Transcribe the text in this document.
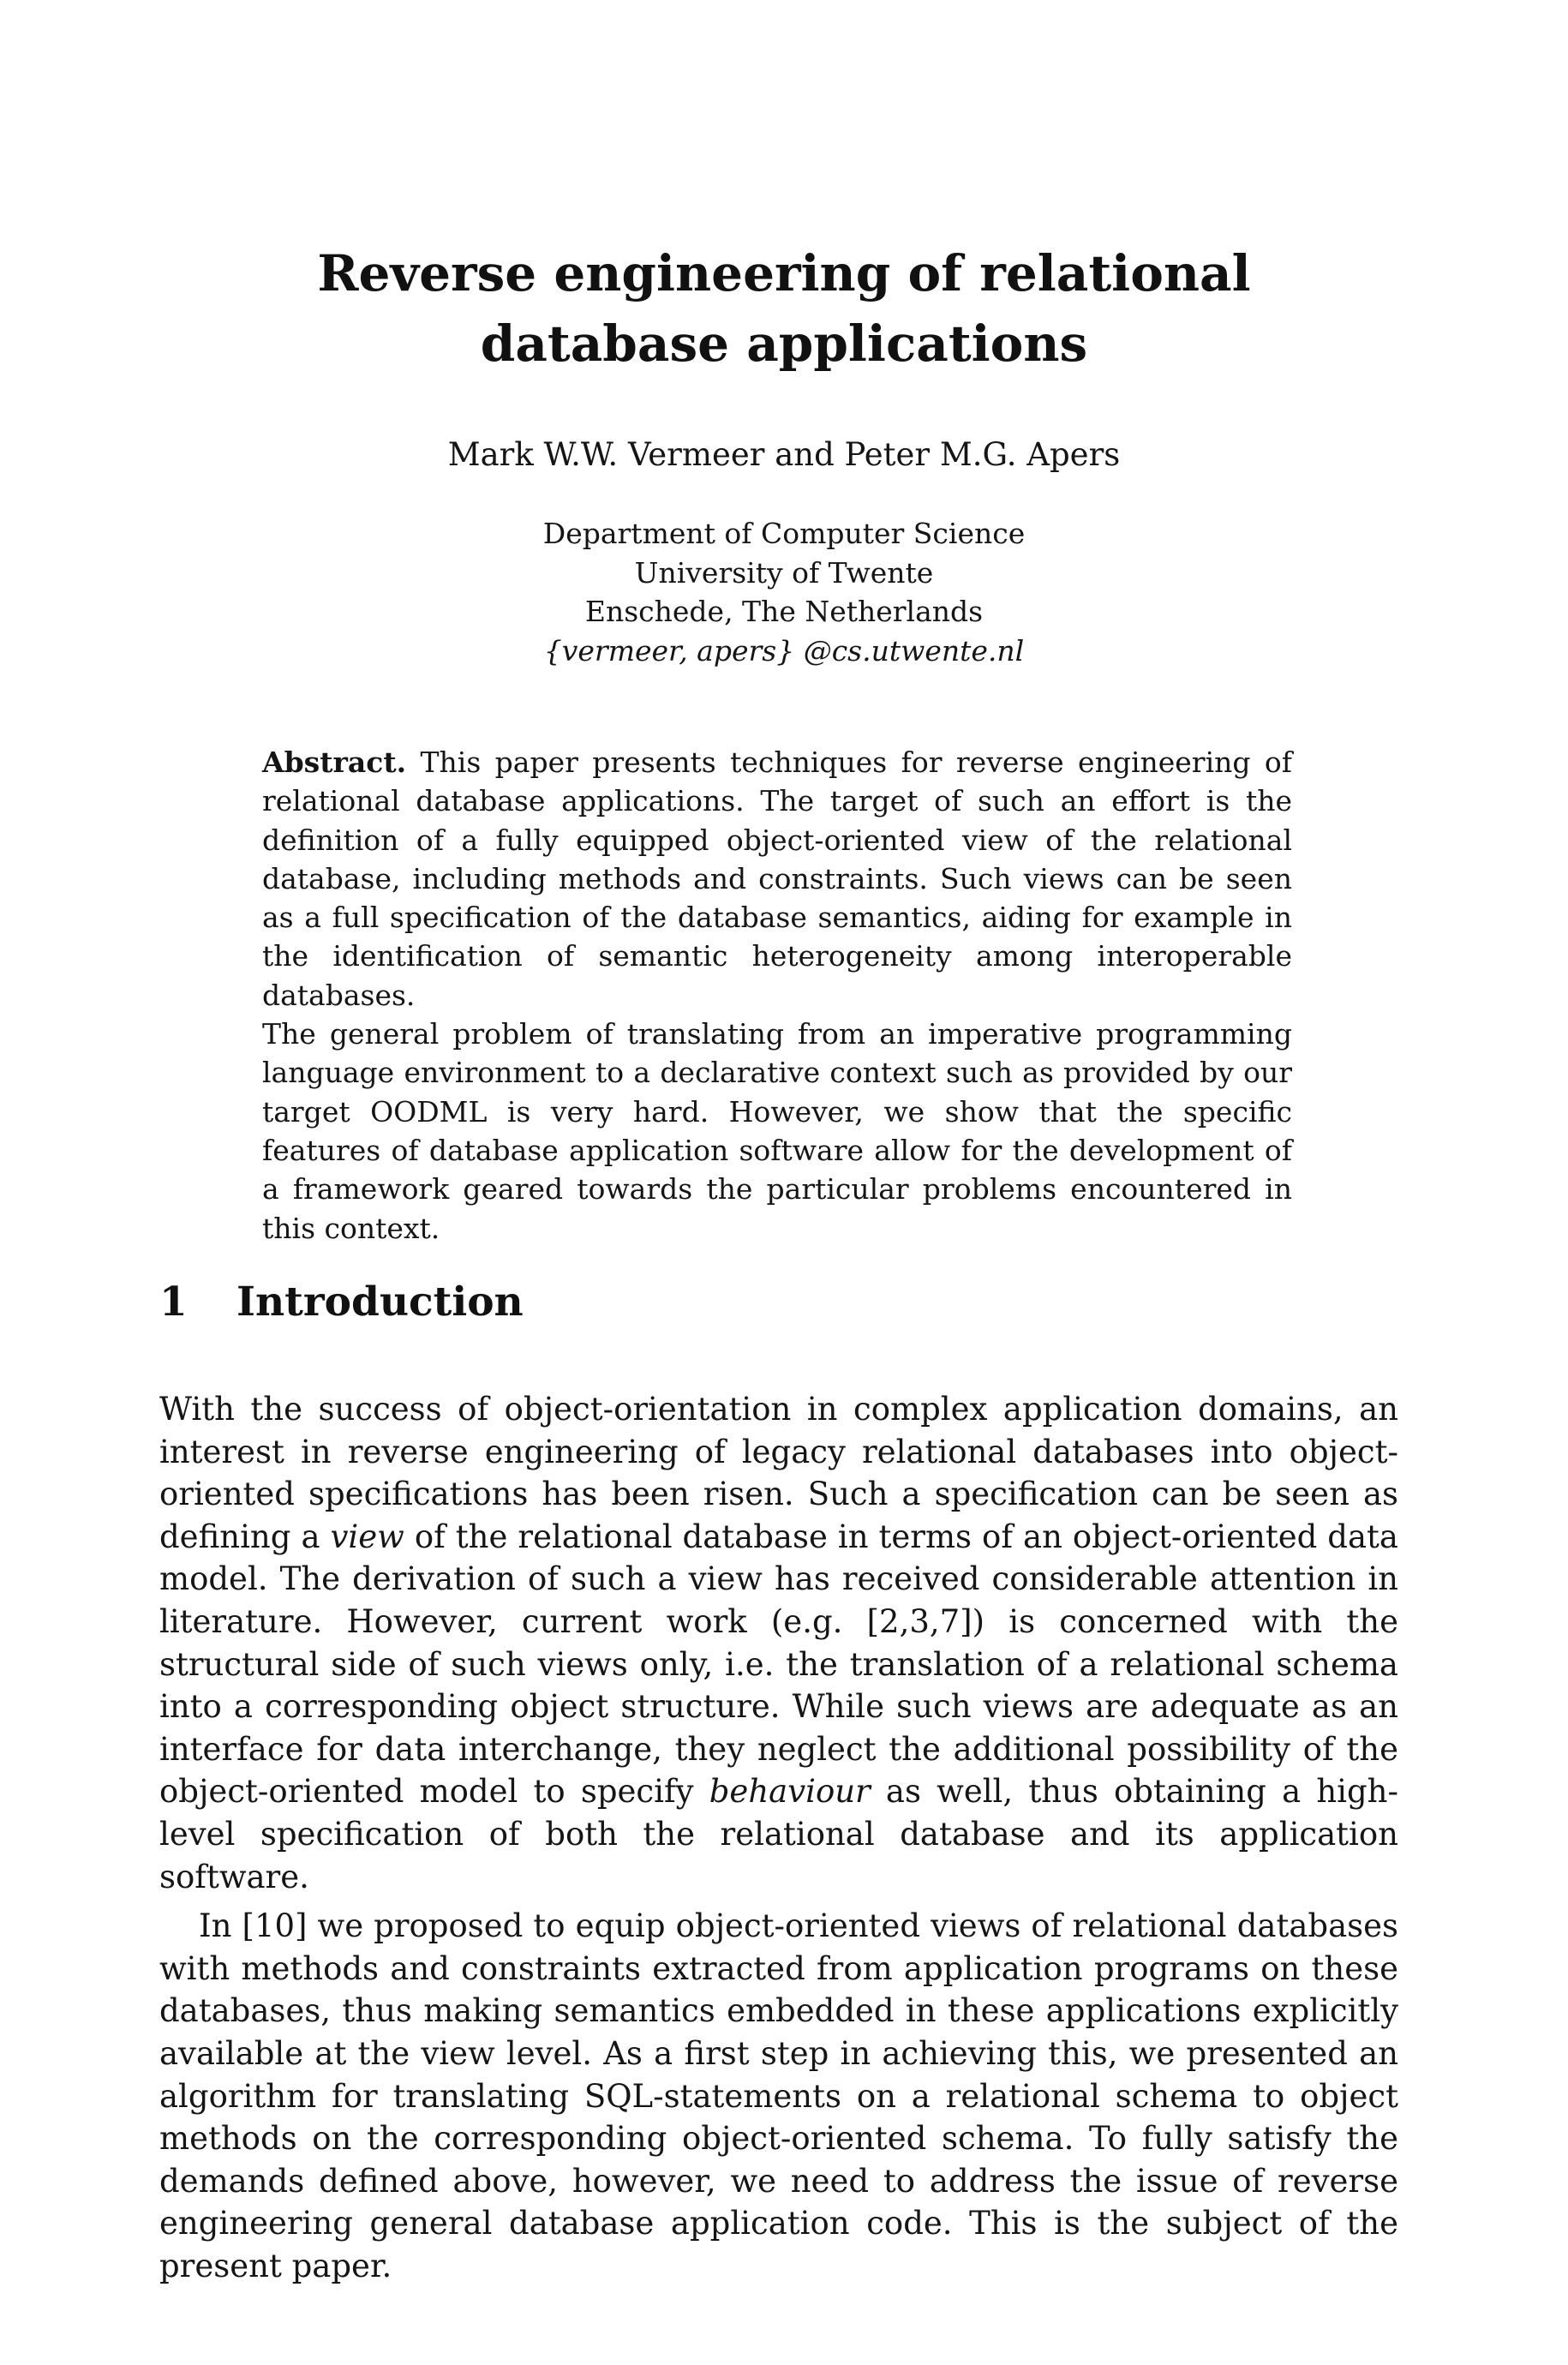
Reverse engineering of relational database applications
Mark W.W. Vermeer and Peter M.G. Apers
Department of Computer Science
University of Twente
Enschede, The Netherlands
{vermeer, apers} @cs.utwente.nl

Abstract. This paper presents techniques for reverse engineering of relational database applications. The target of such an effort is the definition of a fully equipped object-oriented view of the relational database, including methods and constraints. Such views can be seen as a full specification of the database semantics, aiding for example in the identification of semantic heterogeneity among interoperable databases.

The general problem of translating from an imperative programming language environment to a declarative context such as provided by our target OODML is very hard. However, we show that the specific features of database application software allow for the development of a framework geared towards the particular problems encountered in this context.

1 Introduction

With the success of object-orientation in complex application domains, an interest in reverse engineering of legacy relational databases into object-oriented specifications has been risen. Such a specification can be seen as defining a view of the relational database in terms of an object-oriented data model. The derivation of such a view has received considerable attention in literature. However, current work (e.g. [2,3,7]) is concerned with the structural side of such views only, i.e. the translation of a relational schema into a corresponding object structure. While such views are adequate as an interface for data interchange, they neglect the additional possibility of the object-oriented model to specify behaviour as well, thus obtaining a high-level specification of both the relational database and its application software.

In [10] we proposed to equip object-oriented views of relational databases with methods and constraints extracted from application programs on these databases, thus making semantics embedded in these applications explicitly available at the view level. As a first step in achieving this, we presented an algorithm for translating SQL-statements on a relational schema to object methods on the corresponding object-oriented schema. To fully satisfy the demands defined above, however, we need to address the issue of reverse engineering general database application code. This is the subject of the present paper.
